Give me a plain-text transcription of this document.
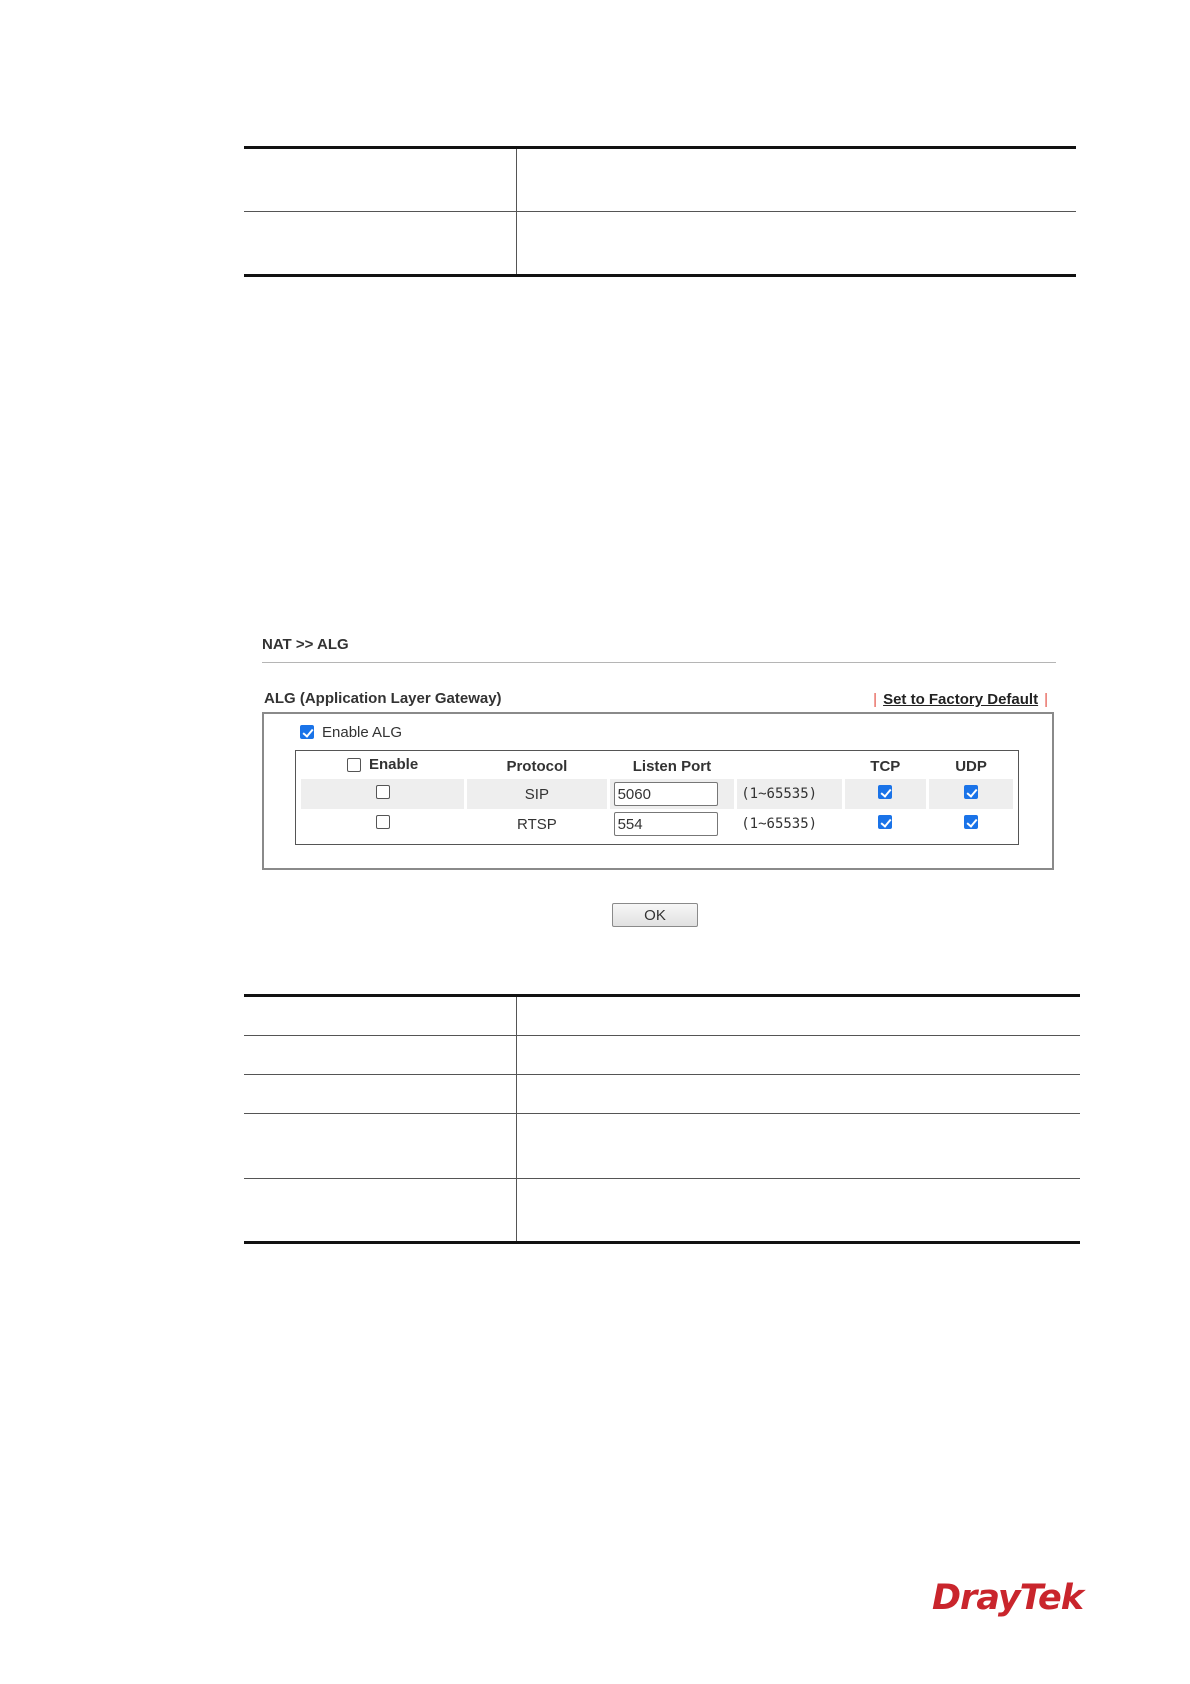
NAT >> ALG
ALG (Application Layer Gateway)	| Set to Factory Default |
Enable ALG
Enable	Protocol	Listen Port		TCP	UDP
	SIP	5060	(1~65535)		
	RTSP	554	(1~65535)		
OK

DrayTek
